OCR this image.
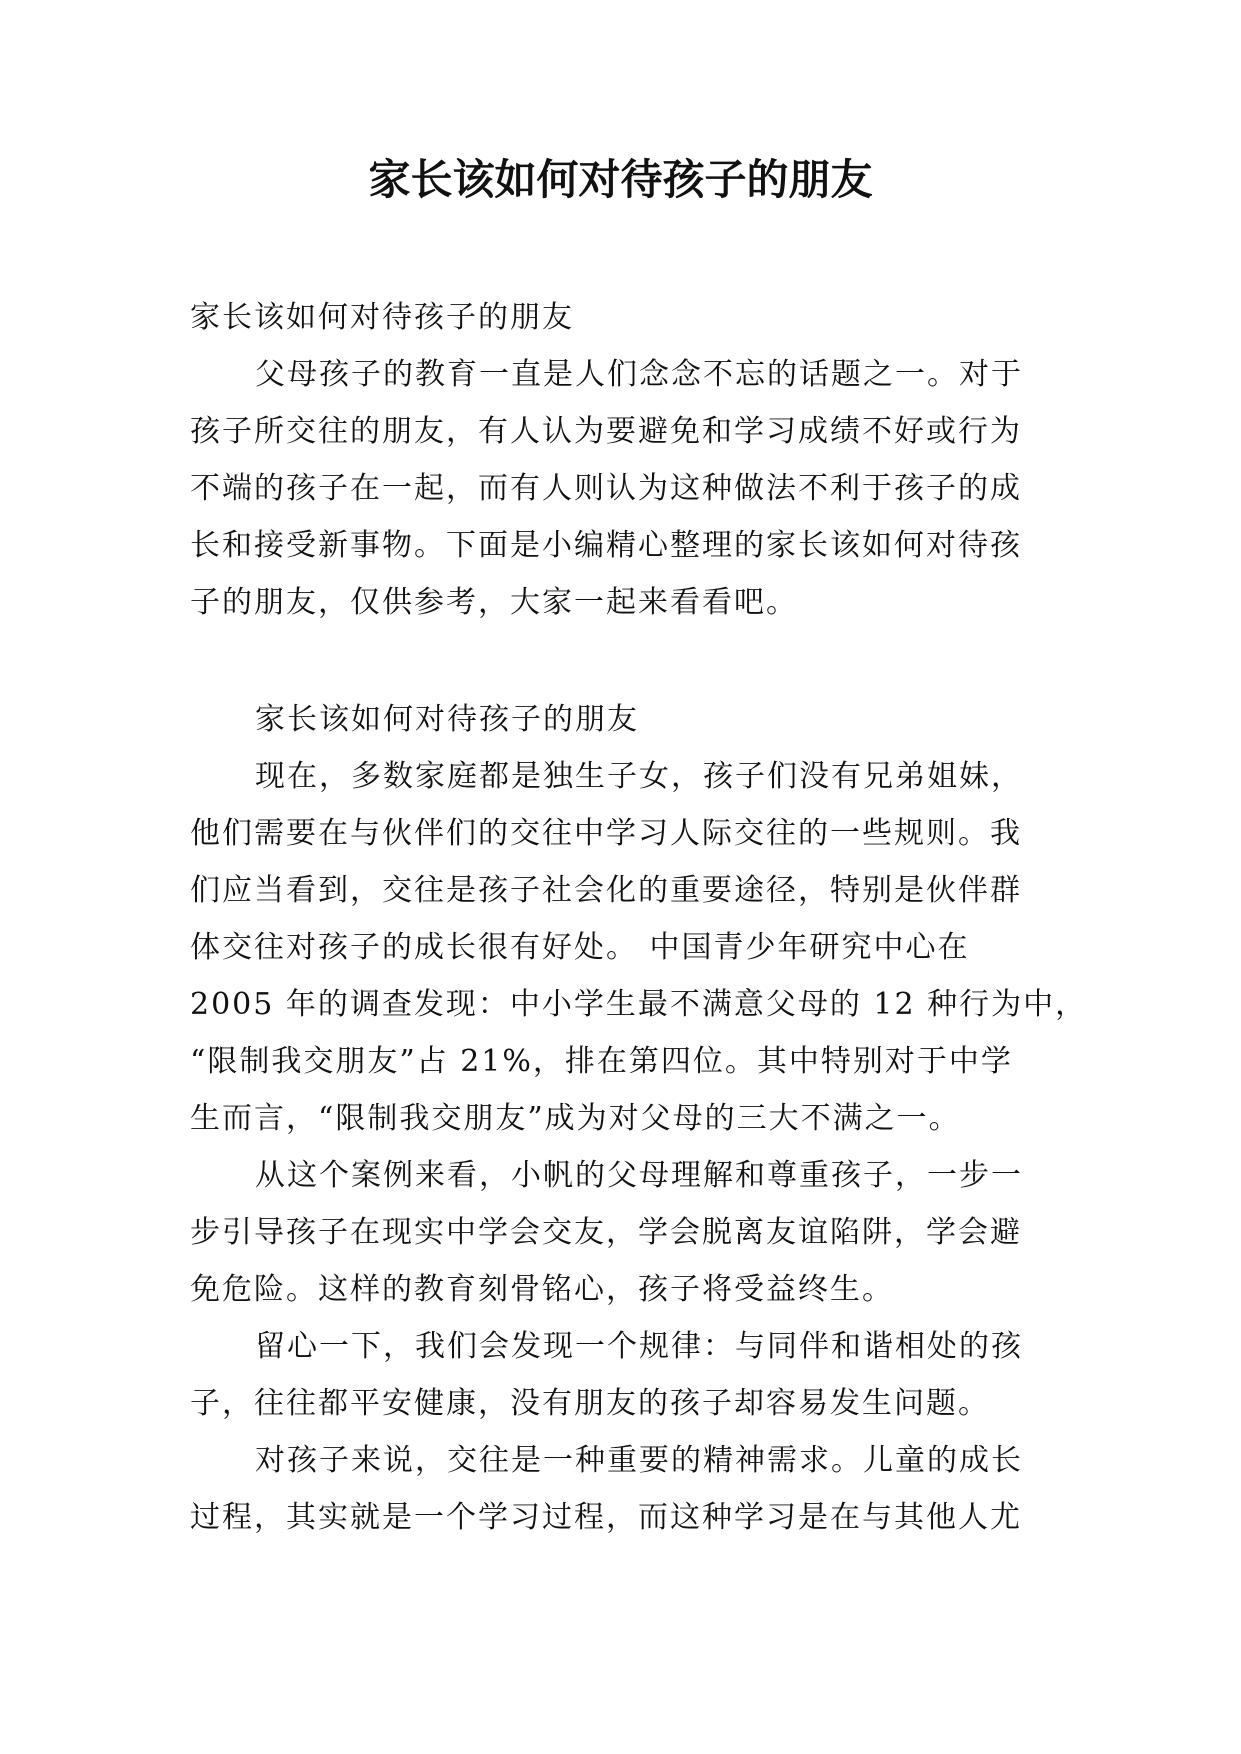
家长该如何对待孩子的朋友

家长该如何对待孩子的朋友

父母孩子的教育一直是人们念念不忘的话题之一。对于

孩子所交往的朋友，有人认为要避免和学习成绩不好或行为

不端的孩子在一起，而有人则认为这种做法不利于孩子的成

长和接受新事物。下面是小编精心整理的家长该如何对待孩

子的朋友，仅供参考，大家一起来看看吧。

家长该如何对待孩子的朋友

现在，多数家庭都是独生子女，孩子们没有兄弟姐妹，

他们需要在与伙伴们的交往中学习人际交往的一些规则。我

们应当看到，交往是孩子社会化的重要途径，特别是伙伴群

体交往对孩子的成长很有好处。 中国青少年研究中心在

2005 年的调查发现：中小学生最不满意父母的 12 种行为中，

“限制我交朋友”占 21%，排在第四位。其中特别对于中学

生而言，“限制我交朋友”成为对父母的三大不满之一。

从这个案例来看，小帆的父母理解和尊重孩子，一步一

步引导孩子在现实中学会交友，学会脱离友谊陷阱，学会避

免危险。这样的教育刻骨铭心，孩子将受益终生。

留心一下，我们会发现一个规律：与同伴和谐相处的孩

子，往往都平安健康，没有朋友的孩子却容易发生问题。

对孩子来说，交往是一种重要的精神需求。儿童的成长

过程，其实就是一个学习过程，而这种学习是在与其他人尤
